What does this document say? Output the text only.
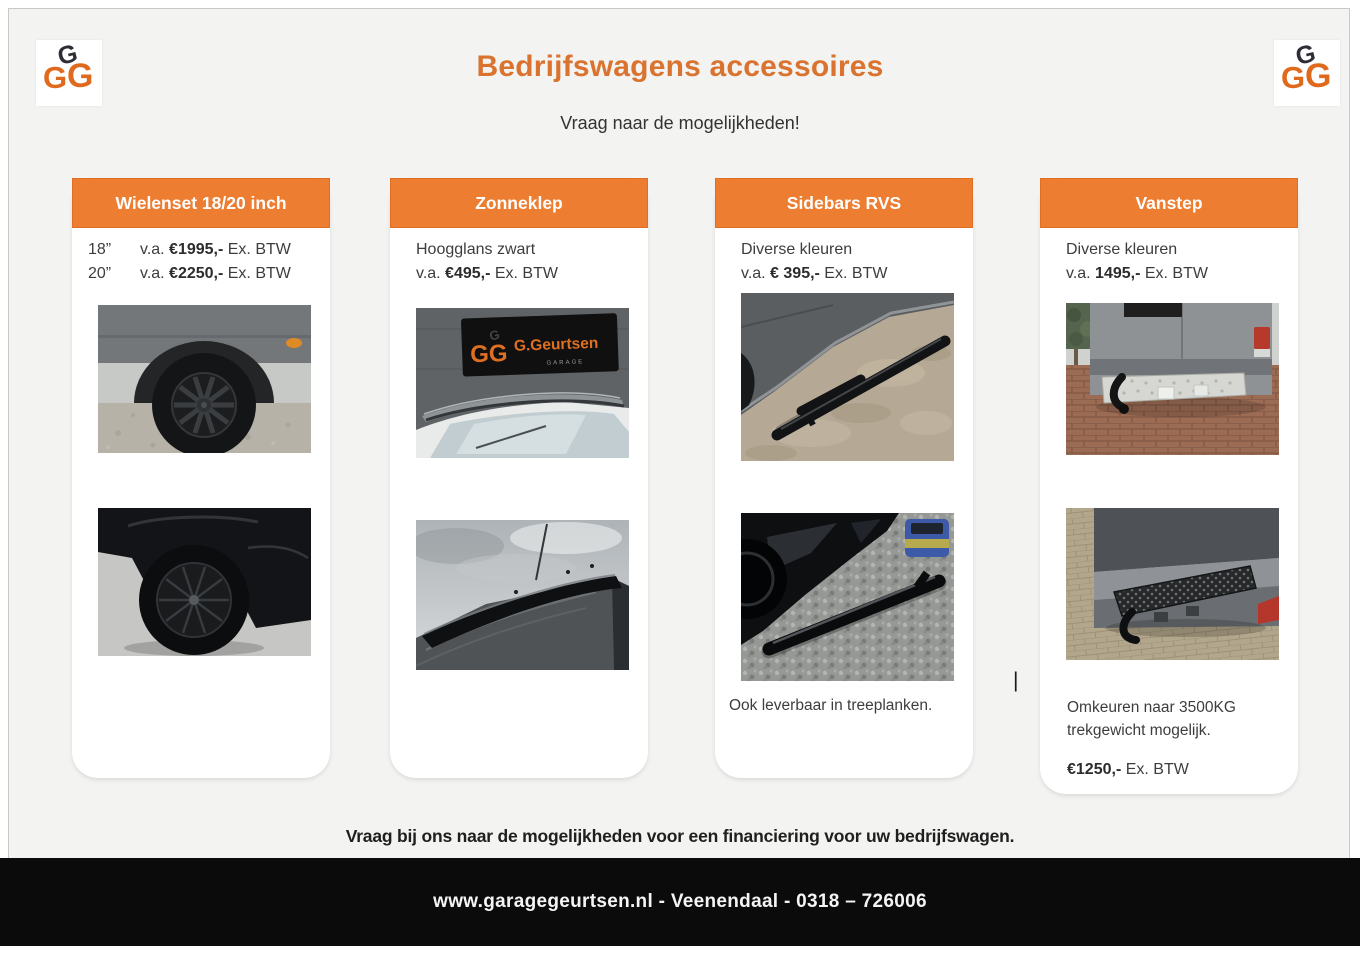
G
G G
G
G G
Bedrijfswagens accessoires
Vraag naar de mogelijkheden!
Wielenset 18/20 inch
18” v.a. €1995,- Ex. BTW
20” v.a. €2250,- Ex. BTW
Zonneklep
Hoogglans zwart
v.a. €495,- Ex. BTW
GG
G G.Geurtsen
GARAGE
Sidebars RVS
Diverse kleuren
v.a. € 395,- Ex. BTW
Ook leverbaar in treeplanken.
Vanstep
Diverse kleuren
v.a. 1495,- Ex. BTW
Omkeuren naar 3500KG
trekgewicht mogelijk.
€1250,- Ex. BTW
|
Vraag bij ons naar de mogelijkheden voor een financiering voor uw bedrijfswagen.
www.garagegeurtsen.nl - Veenendaal - 0318 – 726006
